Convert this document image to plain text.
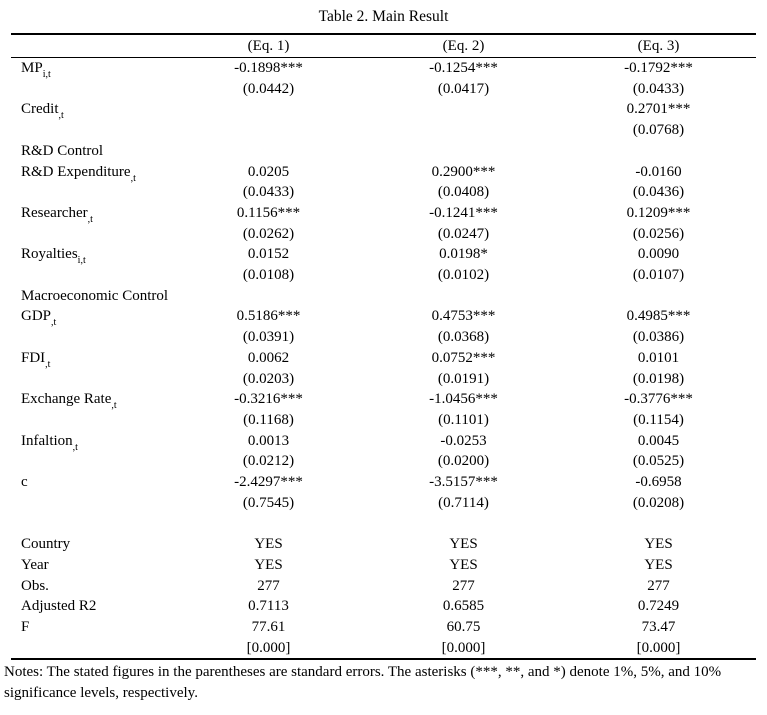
Table 2. Main Result
	(Eq. 1)	(Eq. 2)	(Eq. 3)
$MP_{i,t}$	-0.1898***	-0.1254***	-0.1792***
	(0.0442)	(0.0417)	(0.0433)
Credit$_{,t}$			0.2701***
			(0.0768)
R&D Control			
R&D Expenditure$_{,t}$	0.0205	0.2900***	-0.0160
	(0.0433)	(0.0408)	(0.0436)
Researcher$_{,t}$	0.1156***	-0.1241***	0.1209***
	(0.0262)	(0.0247)	(0.0256)
Royalties$_{i,t}$	0.0152	0.0198*	0.0090
	(0.0108)	(0.0102)	(0.0107)
Macroeconomic Control			
$GDP_{,t}$	0.5186***	0.4753***	0.4985***
	(0.0391)	(0.0368)	(0.0386)
$FDI_{,t}$	0.0062	0.0752***	0.0101
	(0.0203)	(0.0191)	(0.0198)
Exchange Rate$_{,t}$	-0.3216***	-1.0456***	-0.3776***
	(0.1168)	(0.1101)	(0.1154)
Infaltion$_{,t}$	0.0013	-0.0253	0.0045
	(0.0212)	(0.0200)	(0.0525)
c	-2.4297***	-3.5157***	-0.6958
	(0.7545)	(0.7114)	(0.0208)

Country	YES	YES	YES
Year	YES	YES	YES
Obs.	277	277	277
Adjusted R2	0.7113	0.6585	0.7249
F	77.61	60.75	73.47
	[0.000]	[0.000]	[0.000]

Notes: The stated figures in the parentheses are standard errors. The asterisks (***, **, and *) denote 1%, 5%, and 10% significance levels, respectively.
